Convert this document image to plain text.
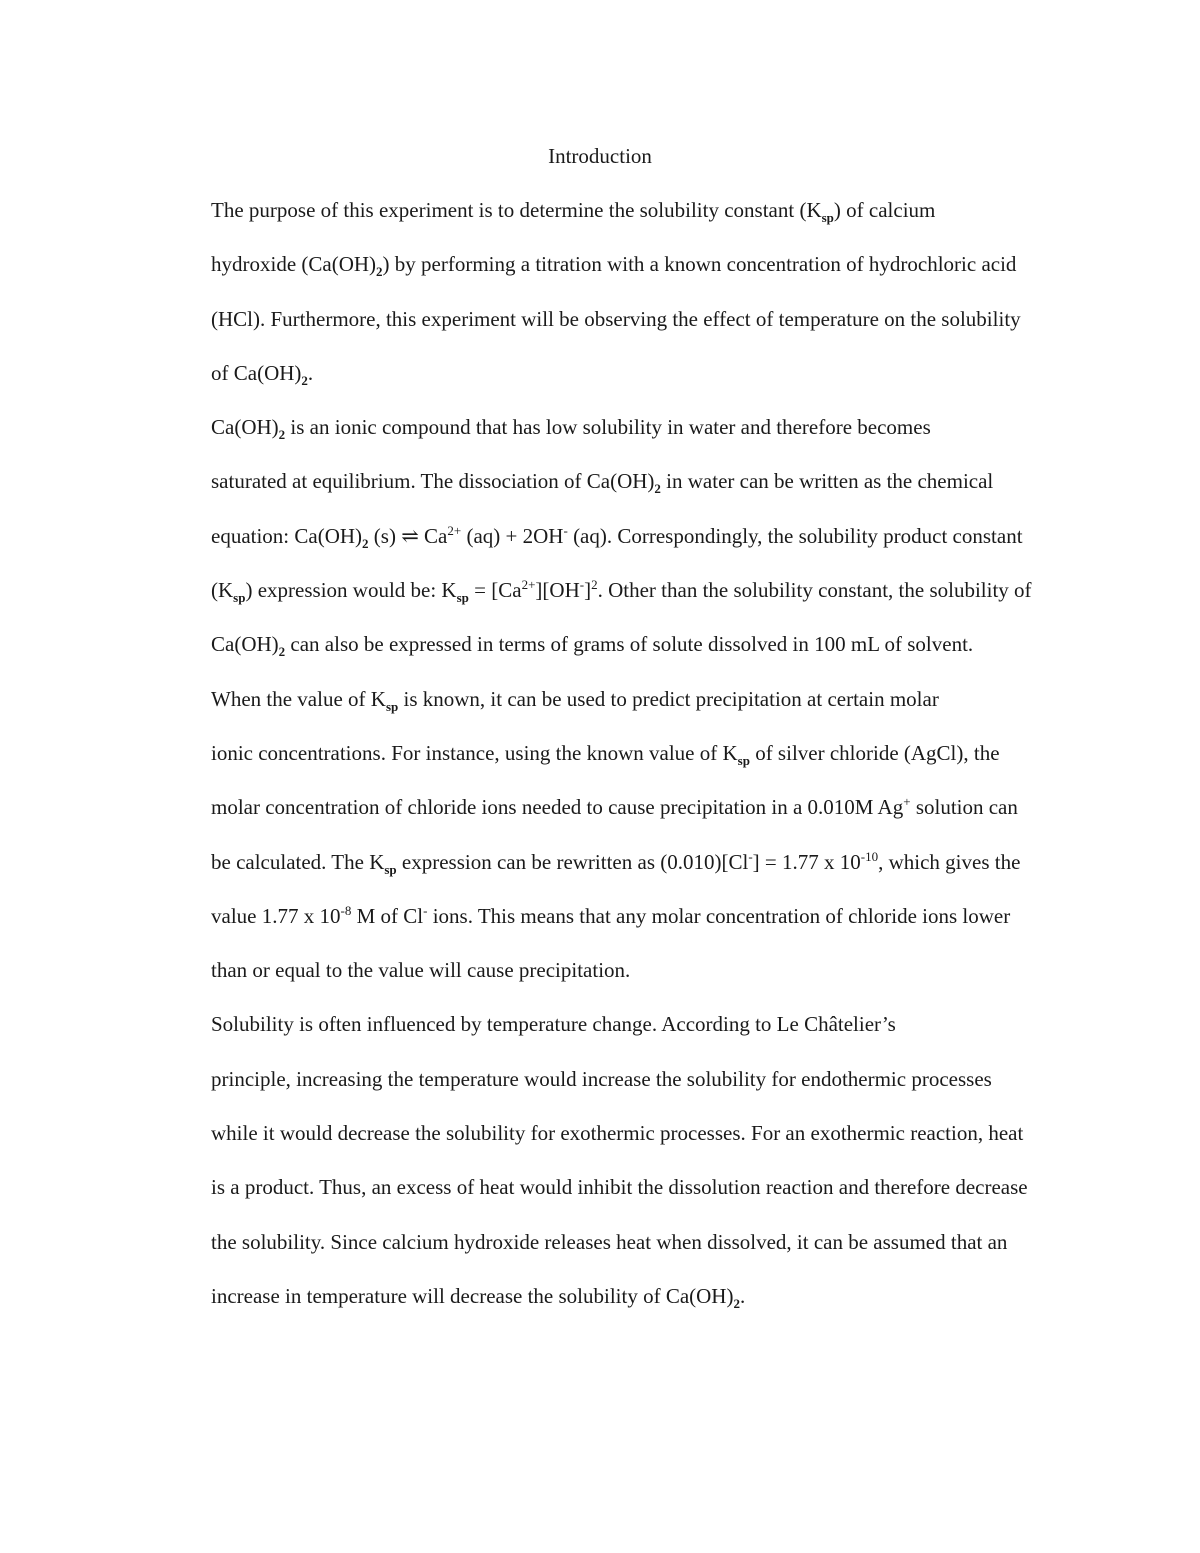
Introduction

The purpose of this experiment is to determine the solubility constant $(K_{sp})$ of calcium
hydroxide $(Ca(OH)_2)$ by performing a titration with a known concentration of hydrochloric acid
(HCl). Furthermore, this experiment will be observing the effect of temperature on the solubility
of $Ca(OH)_2$.

$Ca(OH)_2$ is an ionic compound that has low solubility in water and therefore becomes
saturated at equilibrium. The dissociation of $Ca(OH)_2$ in water can be written as the chemical
equation: $Ca(OH)_2$ (s) ⇌ $Ca^{2+}$ (aq) + 2OH- (aq). Correspondingly, the solubility product constant
$(K_{sp})$ expression would be: $K_{sp} = [Ca^{2+}][OH^-]^2$. Other than the solubility constant, the solubility of
$Ca(OH)_2$ can also be expressed in terms of grams of solute dissolved in 100 mL of solvent.

When the value of $K_{sp}$ is known, it can be used to predict precipitation at certain molar
ionic concentrations. For instance, using the known value of $K_{sp}$ of silver chloride (AgCl), the
molar concentration of chloride ions needed to cause precipitation in a 0.010M Ag+ solution can
be calculated. The $K_{sp}$ expression can be rewritten as (0.010)[Cl-] = 1.77 x $10^{-10}$, which gives the
value 1.77 x $10^{-8}$ M of Cl- ions. This means that any molar concentration of chloride ions lower
than or equal to the value will cause precipitation.

Solubility is often influenced by temperature change. According to Le Châtelier’s
principle, increasing the temperature would increase the solubility for endothermic processes
while it would decrease the solubility for exothermic processes. For an exothermic reaction, heat
is a product. Thus, an excess of heat would inhibit the dissolution reaction and therefore decrease
the solubility. Since calcium hydroxide releases heat when dissolved, it can be assumed that an
increase in temperature will decrease the solubility of $Ca(OH)_2$.
